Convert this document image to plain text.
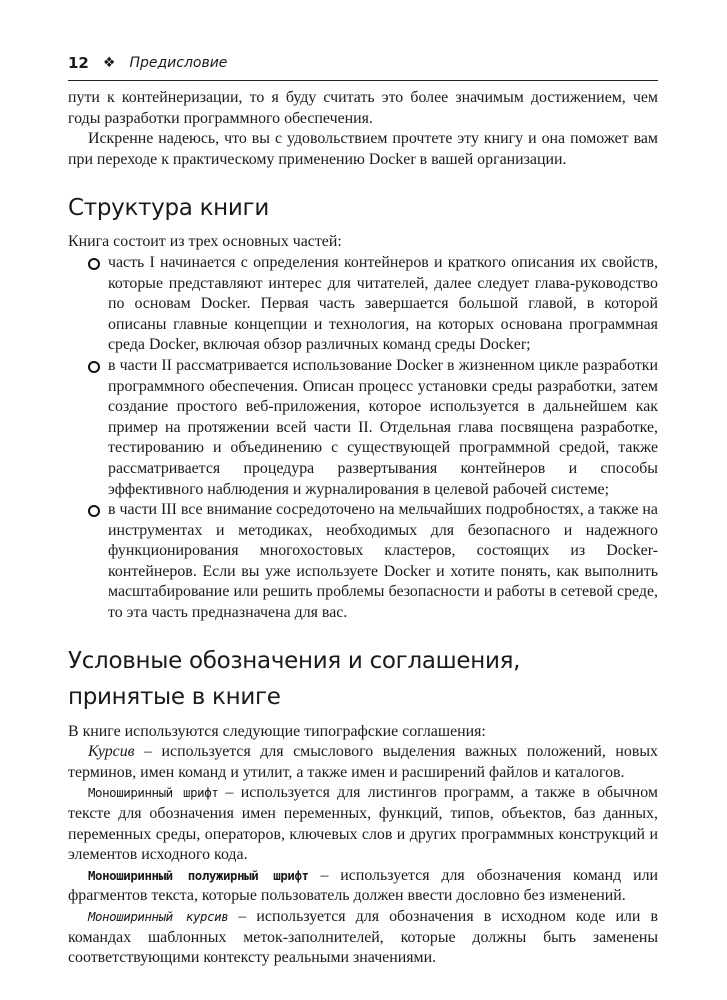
12 ❖ Предисловие

пути к контейнеризации, то я буду считать это более значимым достижением, чем годы разработки программного обеспечения.

Искренне надеюсь, что вы с удовольствием прочтете эту книгу и она поможет вам при переходе к практическому применению Docker в вашей организации.

Структура книги

Книга состоит из трех основных частей:

часть I начинается с определения контейнеров и краткого описания их свойств, которые представляют интерес для читателей, далее следует глава-руководство по основам Docker. Первая часть завершается большой главой, в которой описаны главные концепции и технология, на которых основана программная среда Docker, включая обзор различных команд среды Docker;
в части II рассматривается использование Docker в жизненном цикле разработки программного обеспечения. Описан процесс установки среды разработки, затем создание простого веб-приложения, которое используется в дальнейшем как пример на протяжении всей части II. Отдельная глава посвящена разработке, тестированию и объединению с существующей программной средой, также рассматривается процедура развертывания контейнеров и способы эффективного наблюдения и журналирования в целевой рабочей системе;
в части III все внимание сосредоточено на мельчайших подробностях, а также на инструментах и методиках, необходимых для безопасного и надежного функционирования многохостовых кластеров, состоящих из Docker-контейнеров. Если вы уже используете Docker и хотите понять, как выполнить масштабирование или решить проблемы безопасности и работы в сетевой среде, то эта часть предназначена для вас.
Условные обозначения и соглашения,
принятые в книге

В книге используются следующие типографские соглашения:

Курсив – используется для смыслового выделения важных положений, новых терминов, имен команд и утилит, а также имен и расширений файлов и каталогов.

Моноширинный шрифт – используется для листингов программ, а также в обычном тексте для обозначения имен переменных, функций, типов, объектов, баз данных, переменных среды, операторов, ключевых слов и других программных конструкций и элементов исходного кода.

Моноширинный полужирный шрифт – используется для обозначения команд или фрагментов текста, которые пользователь должен ввести дословно без изменений.

Моноширинный курсив – используется для обозначения в исходном коде или в командах шаблонных меток-заполнителей, которые должны быть заменены соответствующими контексту реальными значениями.
